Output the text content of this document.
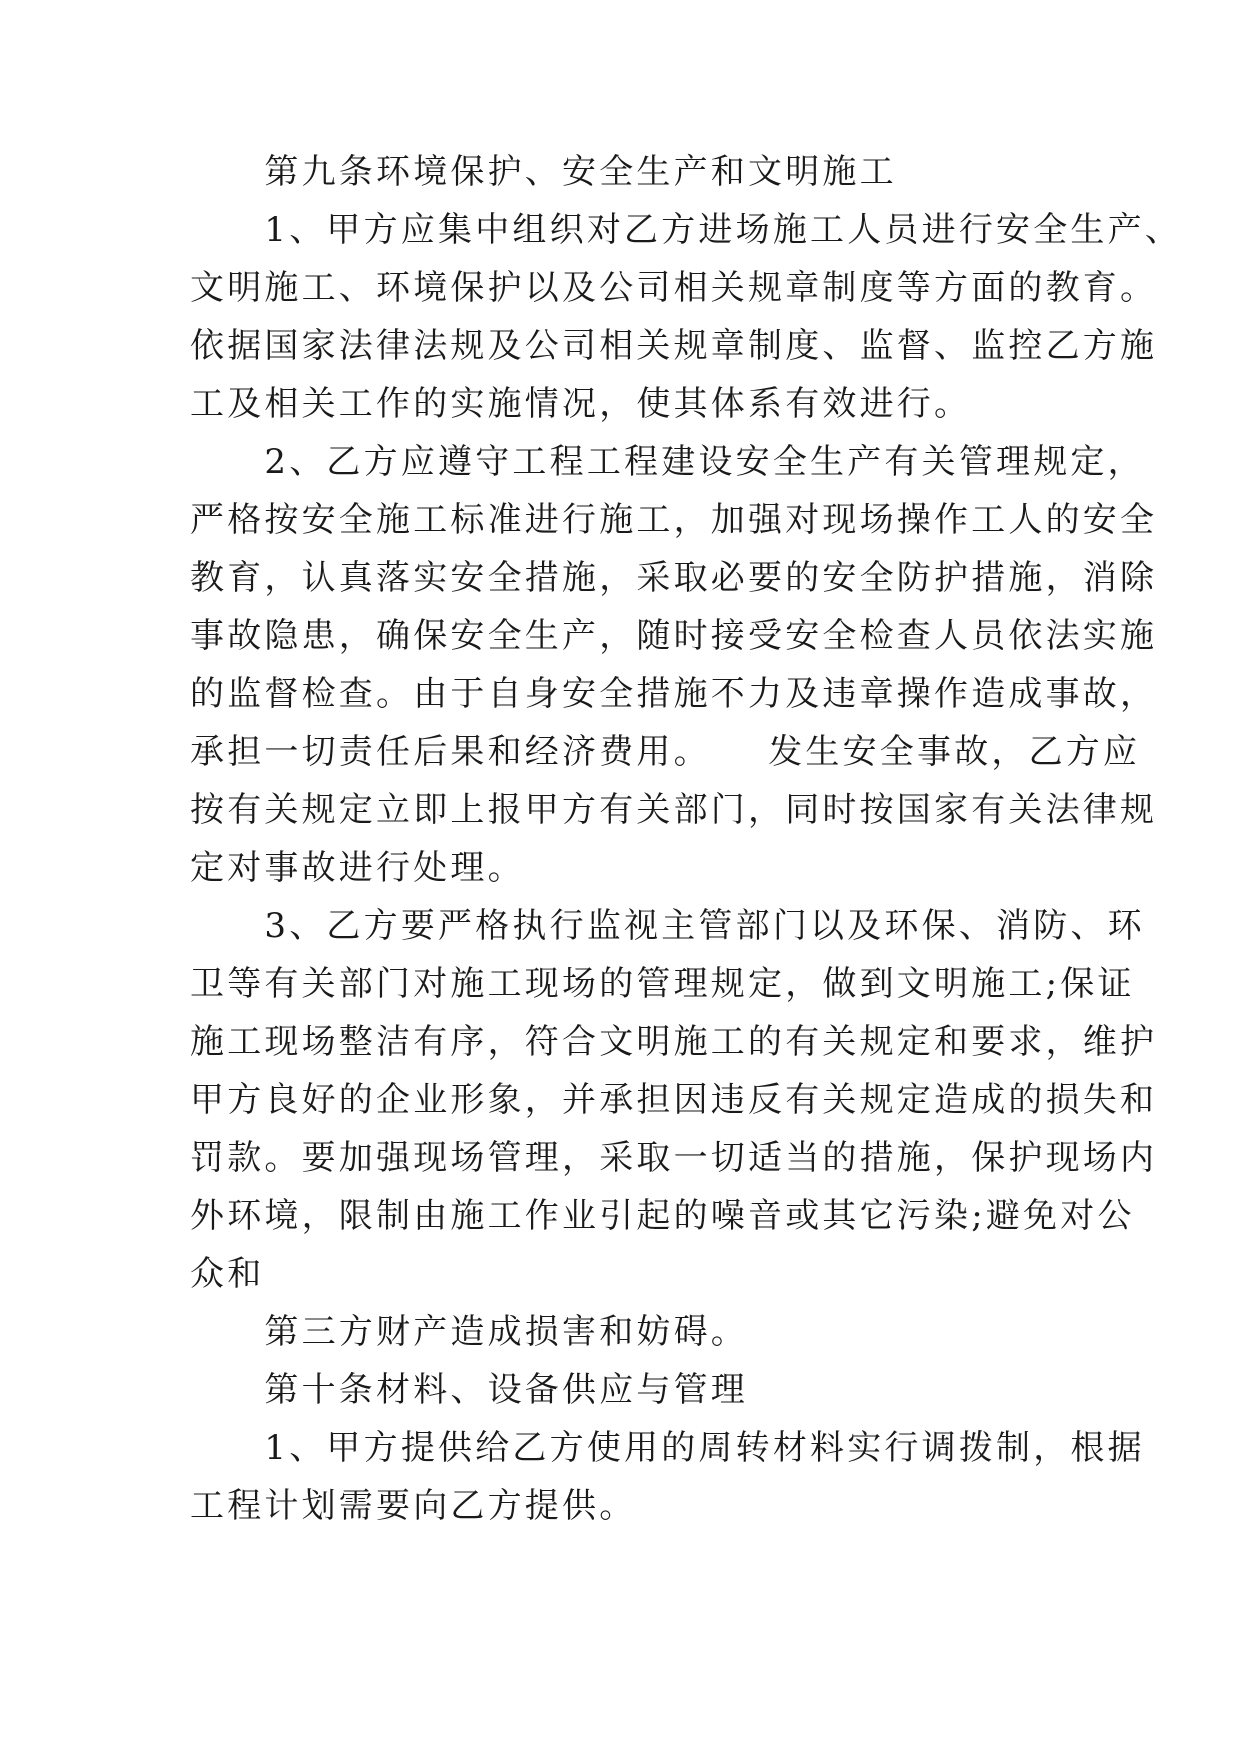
　　第九条环境保护、安全生产和文明施工
　　1、甲方应集中组织对乙方进场施工人员进行安全生产、
文明施工、环境保护以及公司相关规章制度等方面的教育。
依据国家法律法规及公司相关规章制度、监督、监控乙方施
工及相关工作的实施情况，使其体系有效进行。
　　2、乙方应遵守工程工程建设安全生产有关管理规定，
严格按安全施工标准进行施工，加强对现场操作工人的安全
教育，认真落实安全措施，采取必要的安全防护措施，消除
事故隐患，确保安全生产，随时接受安全检查人员依法实施
的监督检查。由于自身安全措施不力及违章操作造成事故，
承担一切责任后果和经济费用。　　发生安全事故，乙方应
按有关规定立即上报甲方有关部门，同时按国家有关法律规
定对事故进行处理。
　　3、乙方要严格执行监视主管部门以及环保、消防、环
卫等有关部门对施工现场的管理规定，做到文明施工;保证
施工现场整洁有序，符合文明施工的有关规定和要求，维护
甲方良好的企业形象，并承担因违反有关规定造成的损失和
罚款。要加强现场管理，采取一切适当的措施，保护现场内
外环境，限制由施工作业引起的噪音或其它污染;避免对公
众和
　　第三方财产造成损害和妨碍。
　　第十条材料、设备供应与管理
　　1、甲方提供给乙方使用的周转材料实行调拨制，根据
工程计划需要向乙方提供。
